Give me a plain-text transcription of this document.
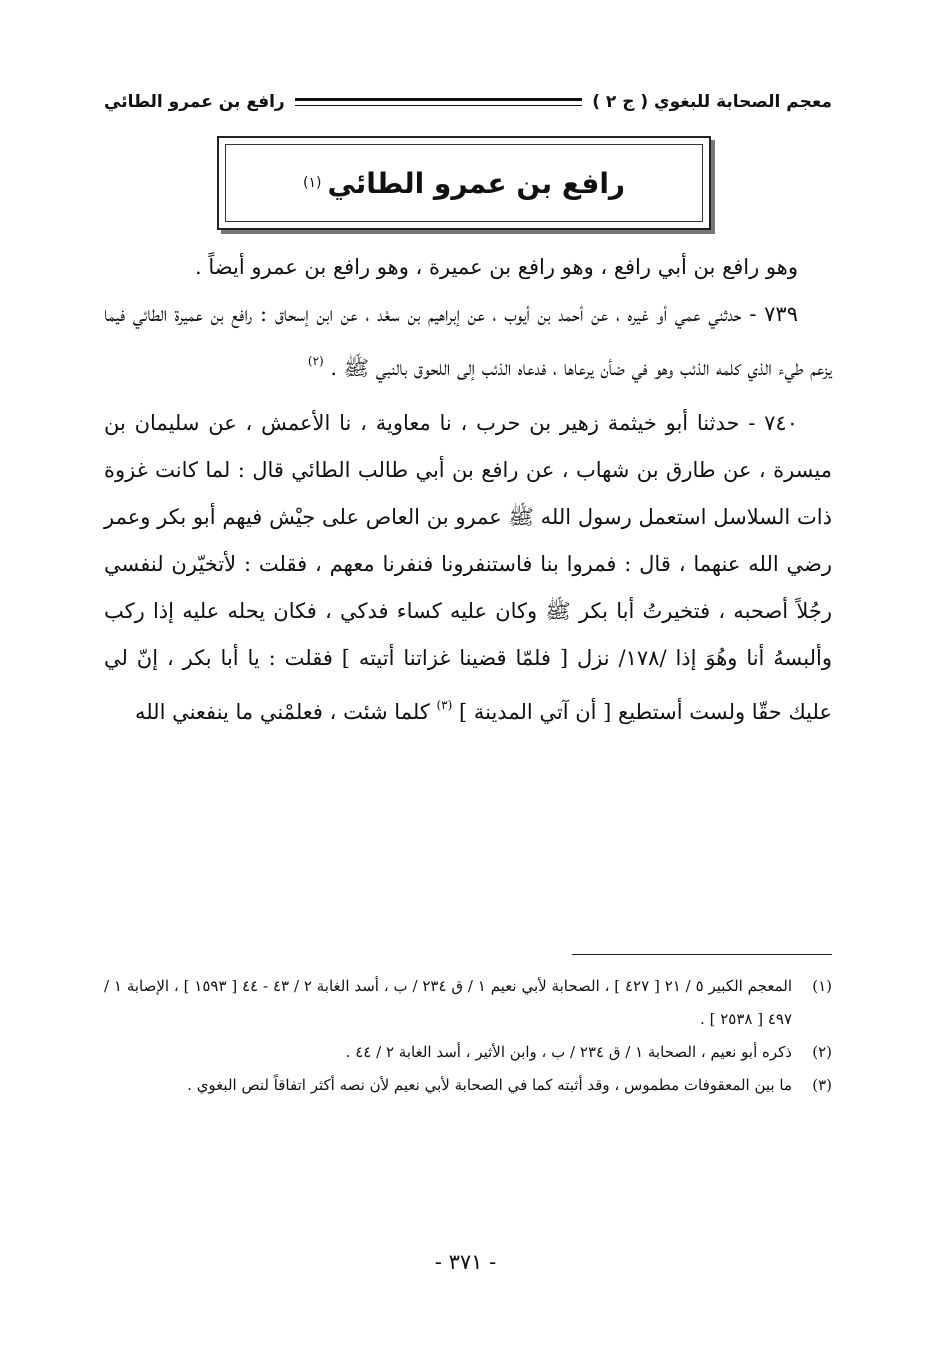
معجم الصحابة للبغوي ( ج ٢ )
رافع بن عمرو الطائي
رافع بن عمرو الطائي
(١)

وهو رافع بن أبي رافع ، وهو رافع بن عميرة ، وهو رافع بن عمرو أيضاً .

٧٣٩ - حدثني عمي أو غيره ، عن أحمد بن أيوب ، عن إبراهيم بن سعْد ، عن ابن إسحاق : رافع بن عميرة الطائي فيما يزعم طيء الذي كلمه الذئب وهو في ضأن يرعاها ، فدعاه الذئب إلى اللحوق بالنبي ﷺ . $^{(٢)}$

٧٤٠ - حدثنا أبو خيثمة زهير بن حرب ، نا معاوية ، نا الأعمش ، عن سليمان بن ميسرة ، عن طارق بن شهاب ، عن رافع بن أبي طالب الطائي قال : لما كانت غزوة ذات السلاسل استعمل رسول الله ﷺ عمرو بن العاص على جيْش فيهم أبو بكر وعمر رضي الله عنهما ، قال : فمروا بنا فاستنفرونا فنفرنا معهم ، فقلت : لأتخيّرن لنفسي رجُلاً أصحبه ، فتخيرتُ أبا بكر ﷺ وكان عليه كساء فدكي ، فكان يحله عليه إذا ركب وألبسهُ أنا وهُوَ إذا /١٧٨/ نزل [ فلمّا قضينا غزاتنا أتيته ] فقلت : يا أبا بكر ، إنّ لي عليك حقّا ولست أستطيع [ أن آتي المدينة ] $^{(٣)}$ كلما شئت ، فعلمْني ما ينفعني الله

(١)
المعجم الكبير ٥ / ٢١ [ ٤٢٧ ] ، الصحابة لأبي نعيم ١ / ق ٢٣٤ / ب ، أسد الغابة ٢ / ٤٣ - ٤٤ [ ١٥٩٣ ] ، الإصابة ١ / ٤٩٧ [ ٢٥٣٨ ] .
(٢)
ذكره أبو نعيم ، الصحابة ١ / ق ٢٣٤ / ب ، وابن الأثير ، أسد الغابة ٢ / ٤٤ .
(٣)
ما بين المعقوفات مطموس ، وقد أثبته كما في الصحابة لأبي نعيم لأن نصه أكثر اتفاقاً لنص البغوي .
- ٣٧١ -
